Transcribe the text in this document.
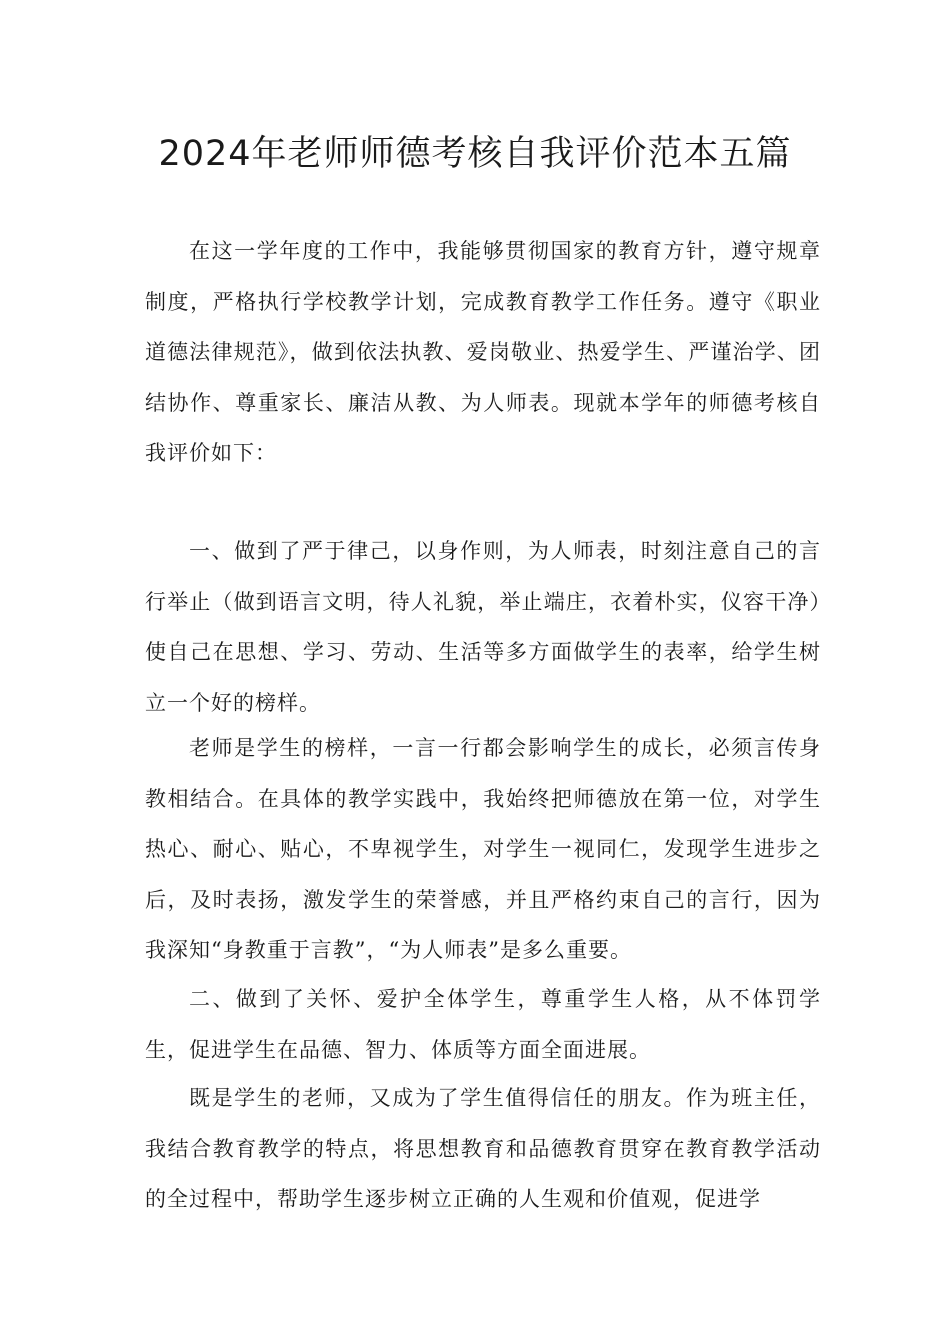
2024年老师师德考核自我评价范本五篇

在这一学年度的工作中，我能够贯彻国家的教育方针，遵守规章制度，严格执行学校教学计划，完成教育教学工作任务。遵守《职业道德法律规范》，做到依法执教、爱岗敬业、热爱学生、严谨治学、团结协作、尊重家长、廉洁从教、为人师表。现就本学年的师德考核自我评价如下：

一、做到了严于律己，以身作则，为人师表，时刻注意自己的言行举止（做到语言文明，待人礼貌，举止端庄，衣着朴实，仪容干净）使自己在思想、学习、劳动、生活等多方面做学生的表率，给学生树立一个好的榜样。

老师是学生的榜样，一言一行都会影响学生的成长，必须言传身教相结合。在具体的教学实践中，我始终把师德放在第一位，对学生热心、耐心、贴心，不卑视学生，对学生一视同仁，发现学生进步之后，及时表扬，激发学生的荣誉感，并且严格约束自己的言行，因为我深知“身教重于言教”，“为人师表”是多么重要。

二、做到了关怀、爱护全体学生，尊重学生人格，从不体罚学生，促进学生在品德、智力、体质等方面全面进展。

既是学生的老师，又成为了学生值得信任的朋友。作为班主任，我结合教育教学的特点，将思想教育和品德教育贯穿在教育教学活动的全过程中，帮助学生逐步树立正确的人生观和价值观，促进学
